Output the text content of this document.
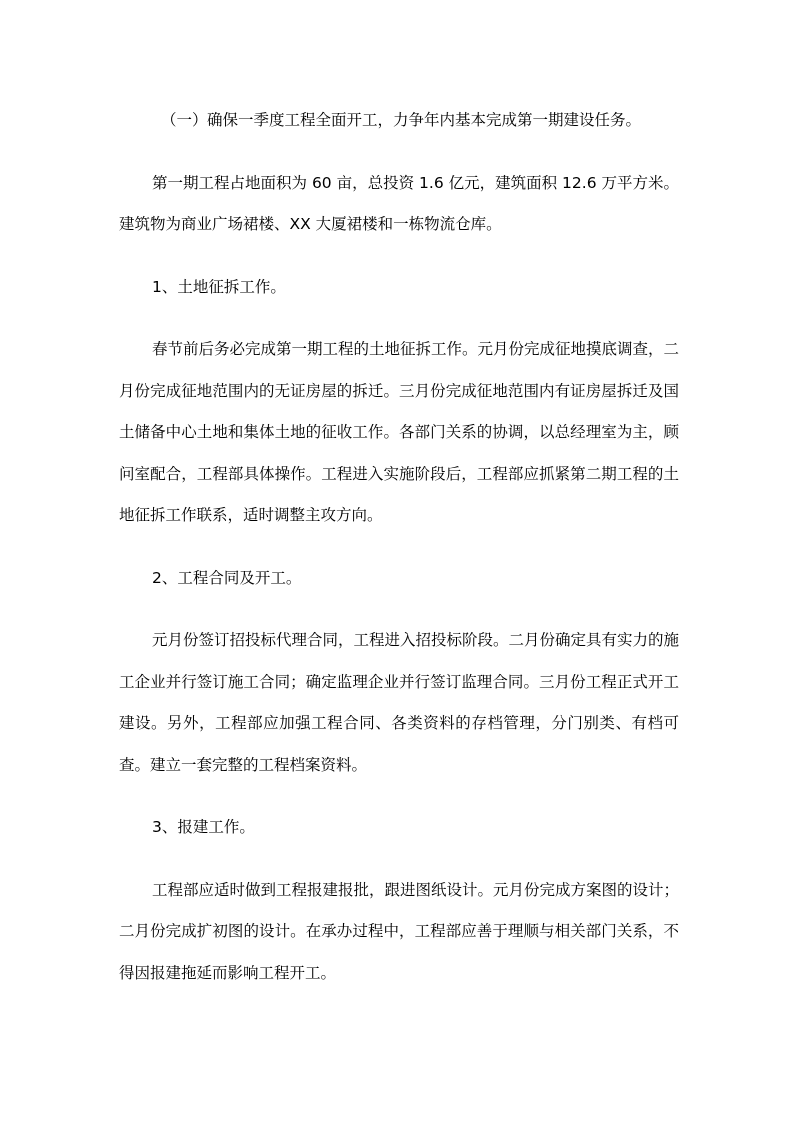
（一）确保一季度工程全面开工，力争年内基本完成第一期建设任务。

第一期工程占地面积为 60 亩，总投资 1.6 亿元，建筑面积 12.6 万平方米。建筑物为商业广场裙楼、XX 大厦裙楼和一栋物流仓库。

1、土地征拆工作。

春节前后务必完成第一期工程的土地征拆工作。元月份完成征地摸底调查，二月份完成征地范围内的无证房屋的拆迁。三月份完成征地范围内有证房屋拆迁及国土储备中心土地和集体土地的征收工作。各部门关系的协调，以总经理室为主，顾问室配合，工程部具体操作。工程进入实施阶段后，工程部应抓紧第二期工程的土地征拆工作联系，适时调整主攻方向。

2、工程合同及开工。

元月份签订招投标代理合同，工程进入招投标阶段。二月份确定具有实力的施工企业并行签订施工合同；确定监理企业并行签订监理合同。三月份工程正式开工建设。另外，工程部应加强工程合同、各类资料的存档管理，分门别类、有档可查。建立一套完整的工程档案资料。

3、报建工作。

工程部应适时做到工程报建报批，跟进图纸设计。元月份完成方案图的设计；二月份完成扩初图的设计。在承办过程中，工程部应善于理顺与相关部门关系，不得因报建拖延而影响工程开工。
